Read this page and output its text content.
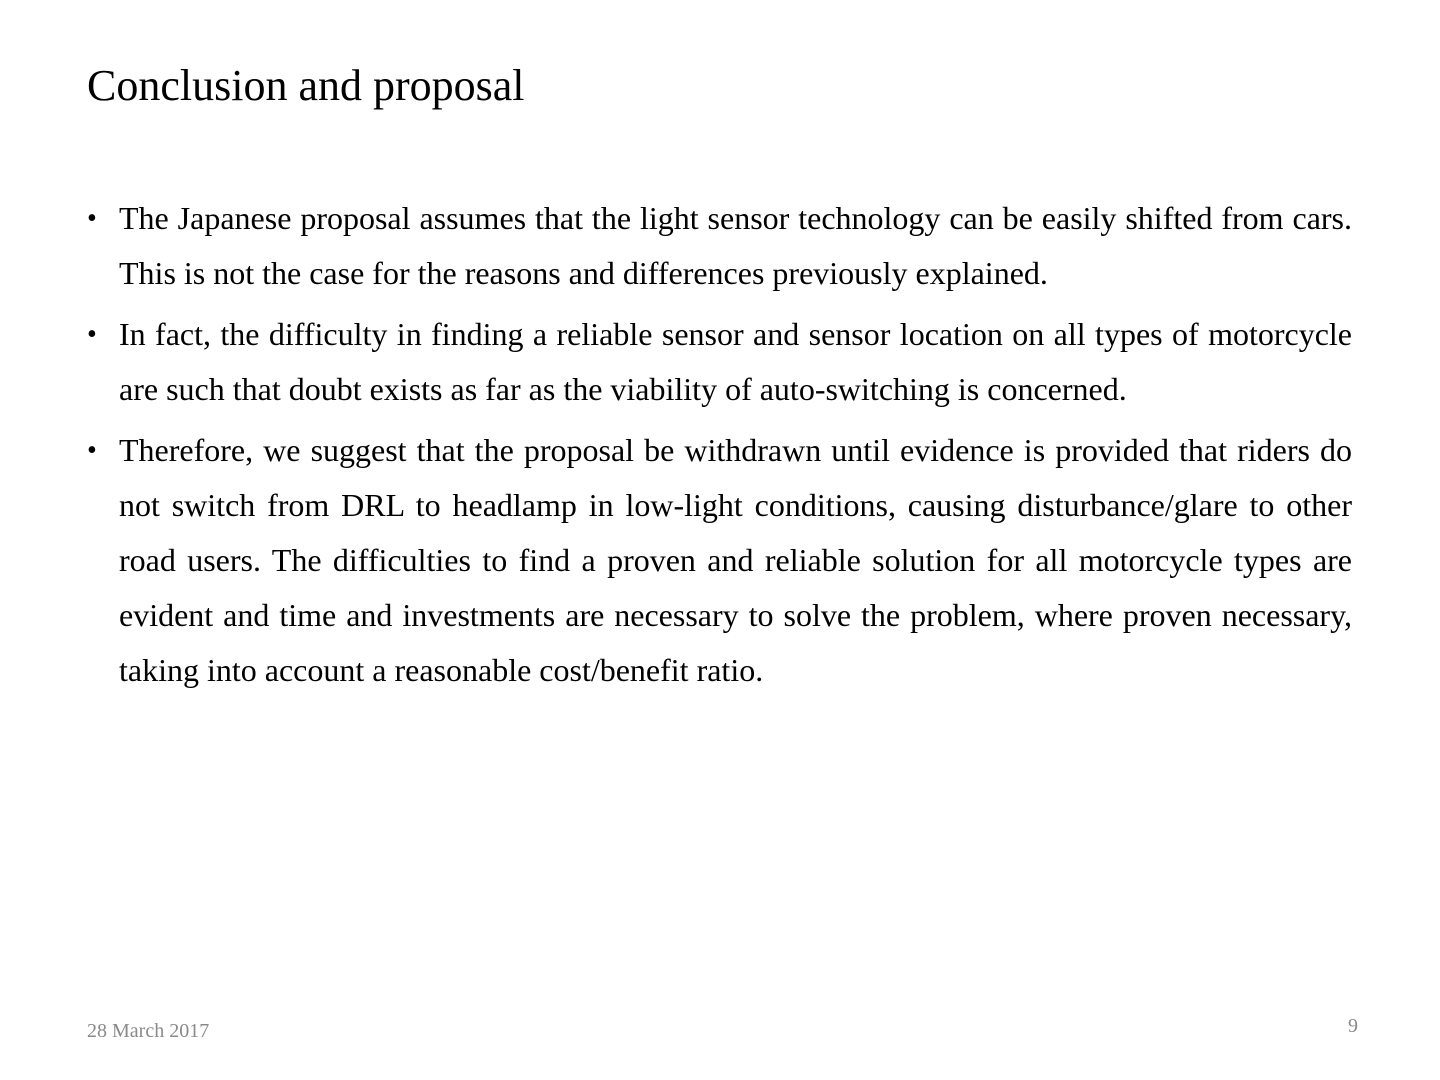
Conclusion and proposal
• The Japanese proposal assumes that the light sensor technology can be easily shifted from cars. This is not the case for the reasons and differences previously explained.
• In fact, the difficulty in finding a reliable sensor and sensor location on all types of motorcycle are such that doubt exists as far as the viability of auto-switching is concerned.
• Therefore, we suggest that the proposal be withdrawn until evidence is provided that riders do not switch from DRL to headlamp in low-light conditions, causing disturbance/glare to other road users. The difficulties to find a proven and reliable solution for all motorcycle types are evident and time and investments are necessary to solve the problem, where proven necessary, taking into account a reasonable cost/benefit ratio.
28 March 2017	9
